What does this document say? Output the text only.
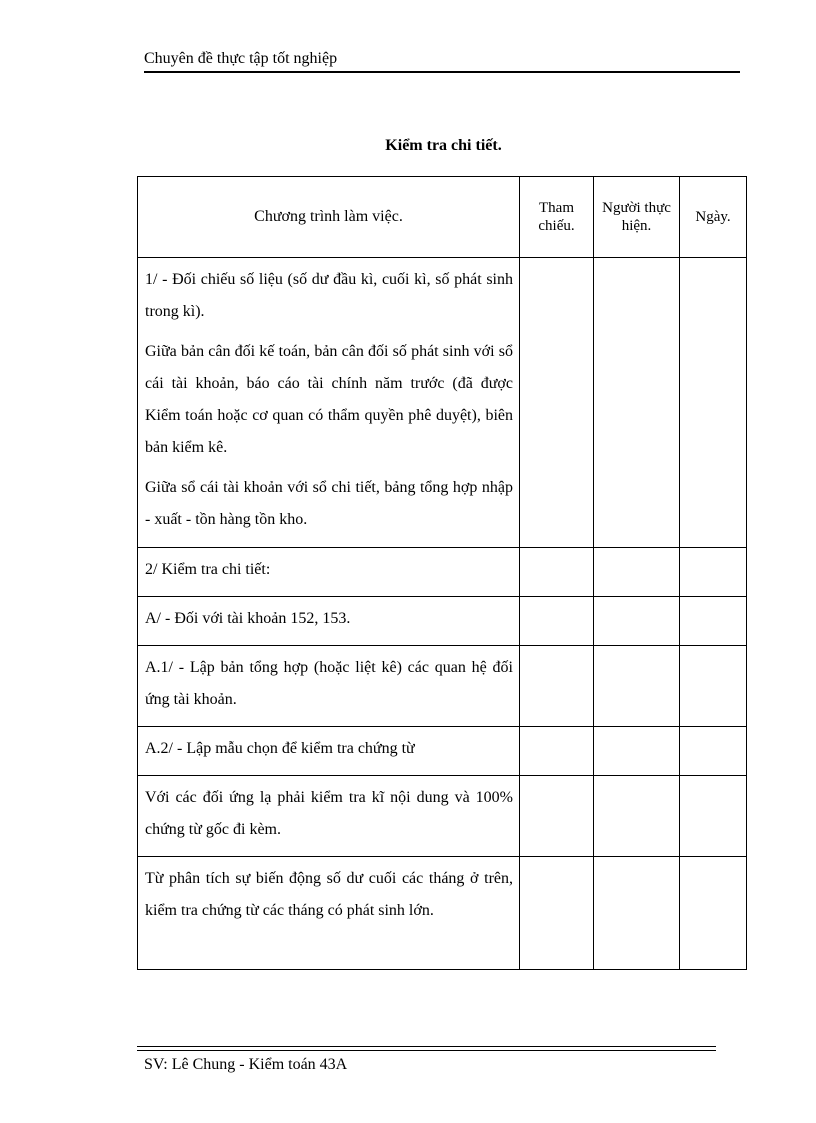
Chuyên đề thực tập tốt nghiệp
Kiểm tra chi tiết.
Chương trình làm việc.	Tham chiếu.	Người thực hiện.	Ngày.

1/ - Đối chiếu số liệu (số dư đầu kì, cuối kì, số phát sinh trong kì).

Giữa bản cân đối kế toán, bản cân đối số phát sinh với sổ cái tài khoản, báo cáo tài chính năm trước (đã được Kiểm toán hoặc cơ quan có thẩm quyền phê duyệt), biên bản kiểm kê.

Giữa sổ cái tài khoản với sổ chi tiết, bảng tổng hợp nhập - xuất - tồn hàng tồn kho.			

2/ Kiểm tra chi tiết:			

A/ - Đối với tài khoản 152, 153.			

A.1/ - Lập bản tổng hợp (hoặc liệt kê) các quan hệ đối ứng tài khoản.			

A.2/ - Lập mẫu chọn để kiểm tra chứng từ			

Với các đối ứng lạ phải kiểm tra kĩ nội dung và 100% chứng từ gốc đi kèm.			

Từ phân tích sự biến động số dư cuối các tháng ở trên, kiểm tra chứng từ các tháng có phát sinh lớn.			

SV: Lê Chung - Kiểm toán 43A
